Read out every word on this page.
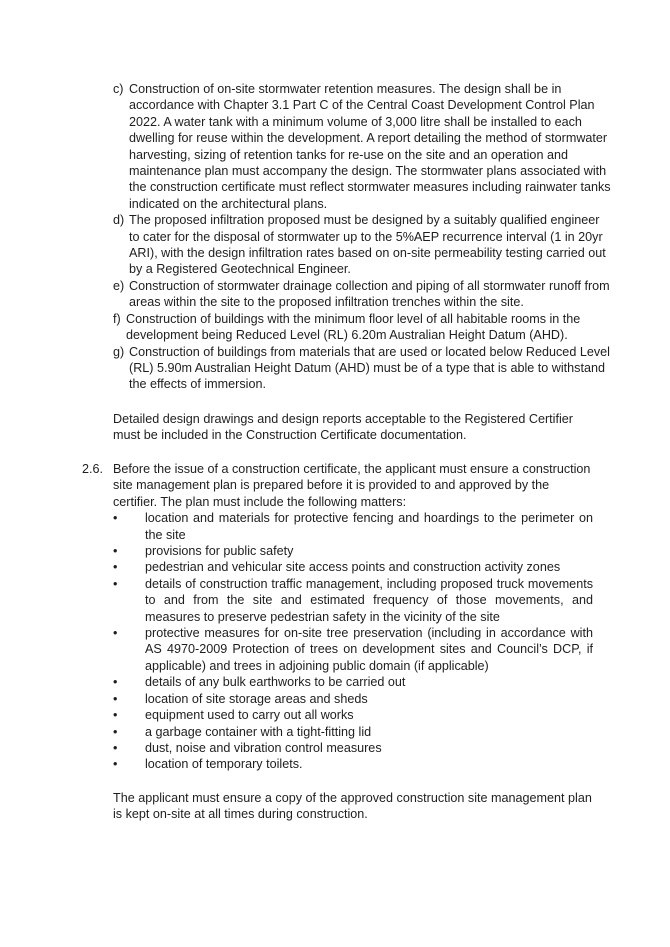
c) Construction of on-site stormwater retention measures. The design shall be in accordance with Chapter 3.1 Part C of the Central Coast Development Control Plan 2022. A water tank with a minimum volume of 3,000 litre shall be installed to each dwelling for reuse within the development. A report detailing the method of stormwater harvesting, sizing of retention tanks for re-use on the site and an operation and maintenance plan must accompany the design. The stormwater plans associated with the construction certificate must reflect stormwater measures including rainwater tanks indicated on the architectural plans.
d) The proposed infiltration proposed must be designed by a suitably qualified engineer to cater for the disposal of stormwater up to the 5%AEP recurrence interval (1 in 20yr ARI), with the design infiltration rates based on on-site permeability testing carried out by a Registered Geotechnical Engineer.
e) Construction of stormwater drainage collection and piping of all stormwater runoff from areas within the site to the proposed infiltration trenches within the site.
f) Construction of buildings with the minimum floor level of all habitable rooms in the development being Reduced Level (RL) 6.20m Australian Height Datum (AHD).
g) Construction of buildings from materials that are used or located below Reduced Level (RL) 5.90m Australian Height Datum (AHD) must be of a type that is able to withstand the effects of immersion.
Detailed design drawings and design reports acceptable to the Registered Certifier must be included in the Construction Certificate documentation.
2.6. Before the issue of a construction certificate, the applicant must ensure a construction site management plan is prepared before it is provided to and approved by the certifier. The plan must include the following matters:
•	location and materials for protective fencing and hoardings to the perimeter on the site
•	provisions for public safety
•	pedestrian and vehicular site access points and construction activity zones
•	details of construction traffic management, including proposed truck movements to and from the site and estimated frequency of those movements, and measures to preserve pedestrian safety in the vicinity of the site
•	protective measures for on-site tree preservation (including in accordance with AS 4970-2009 Protection of trees on development sites and Council’s DCP, if applicable) and trees in adjoining public domain (if applicable)
•	details of any bulk earthworks to be carried out
•	location of site storage areas and sheds
•	equipment used to carry out all works
•	a garbage container with a tight-fitting lid
•	dust, noise and vibration control measures
•	location of temporary toilets.
The applicant must ensure a copy of the approved construction site management plan is kept on-site at all times during construction.
